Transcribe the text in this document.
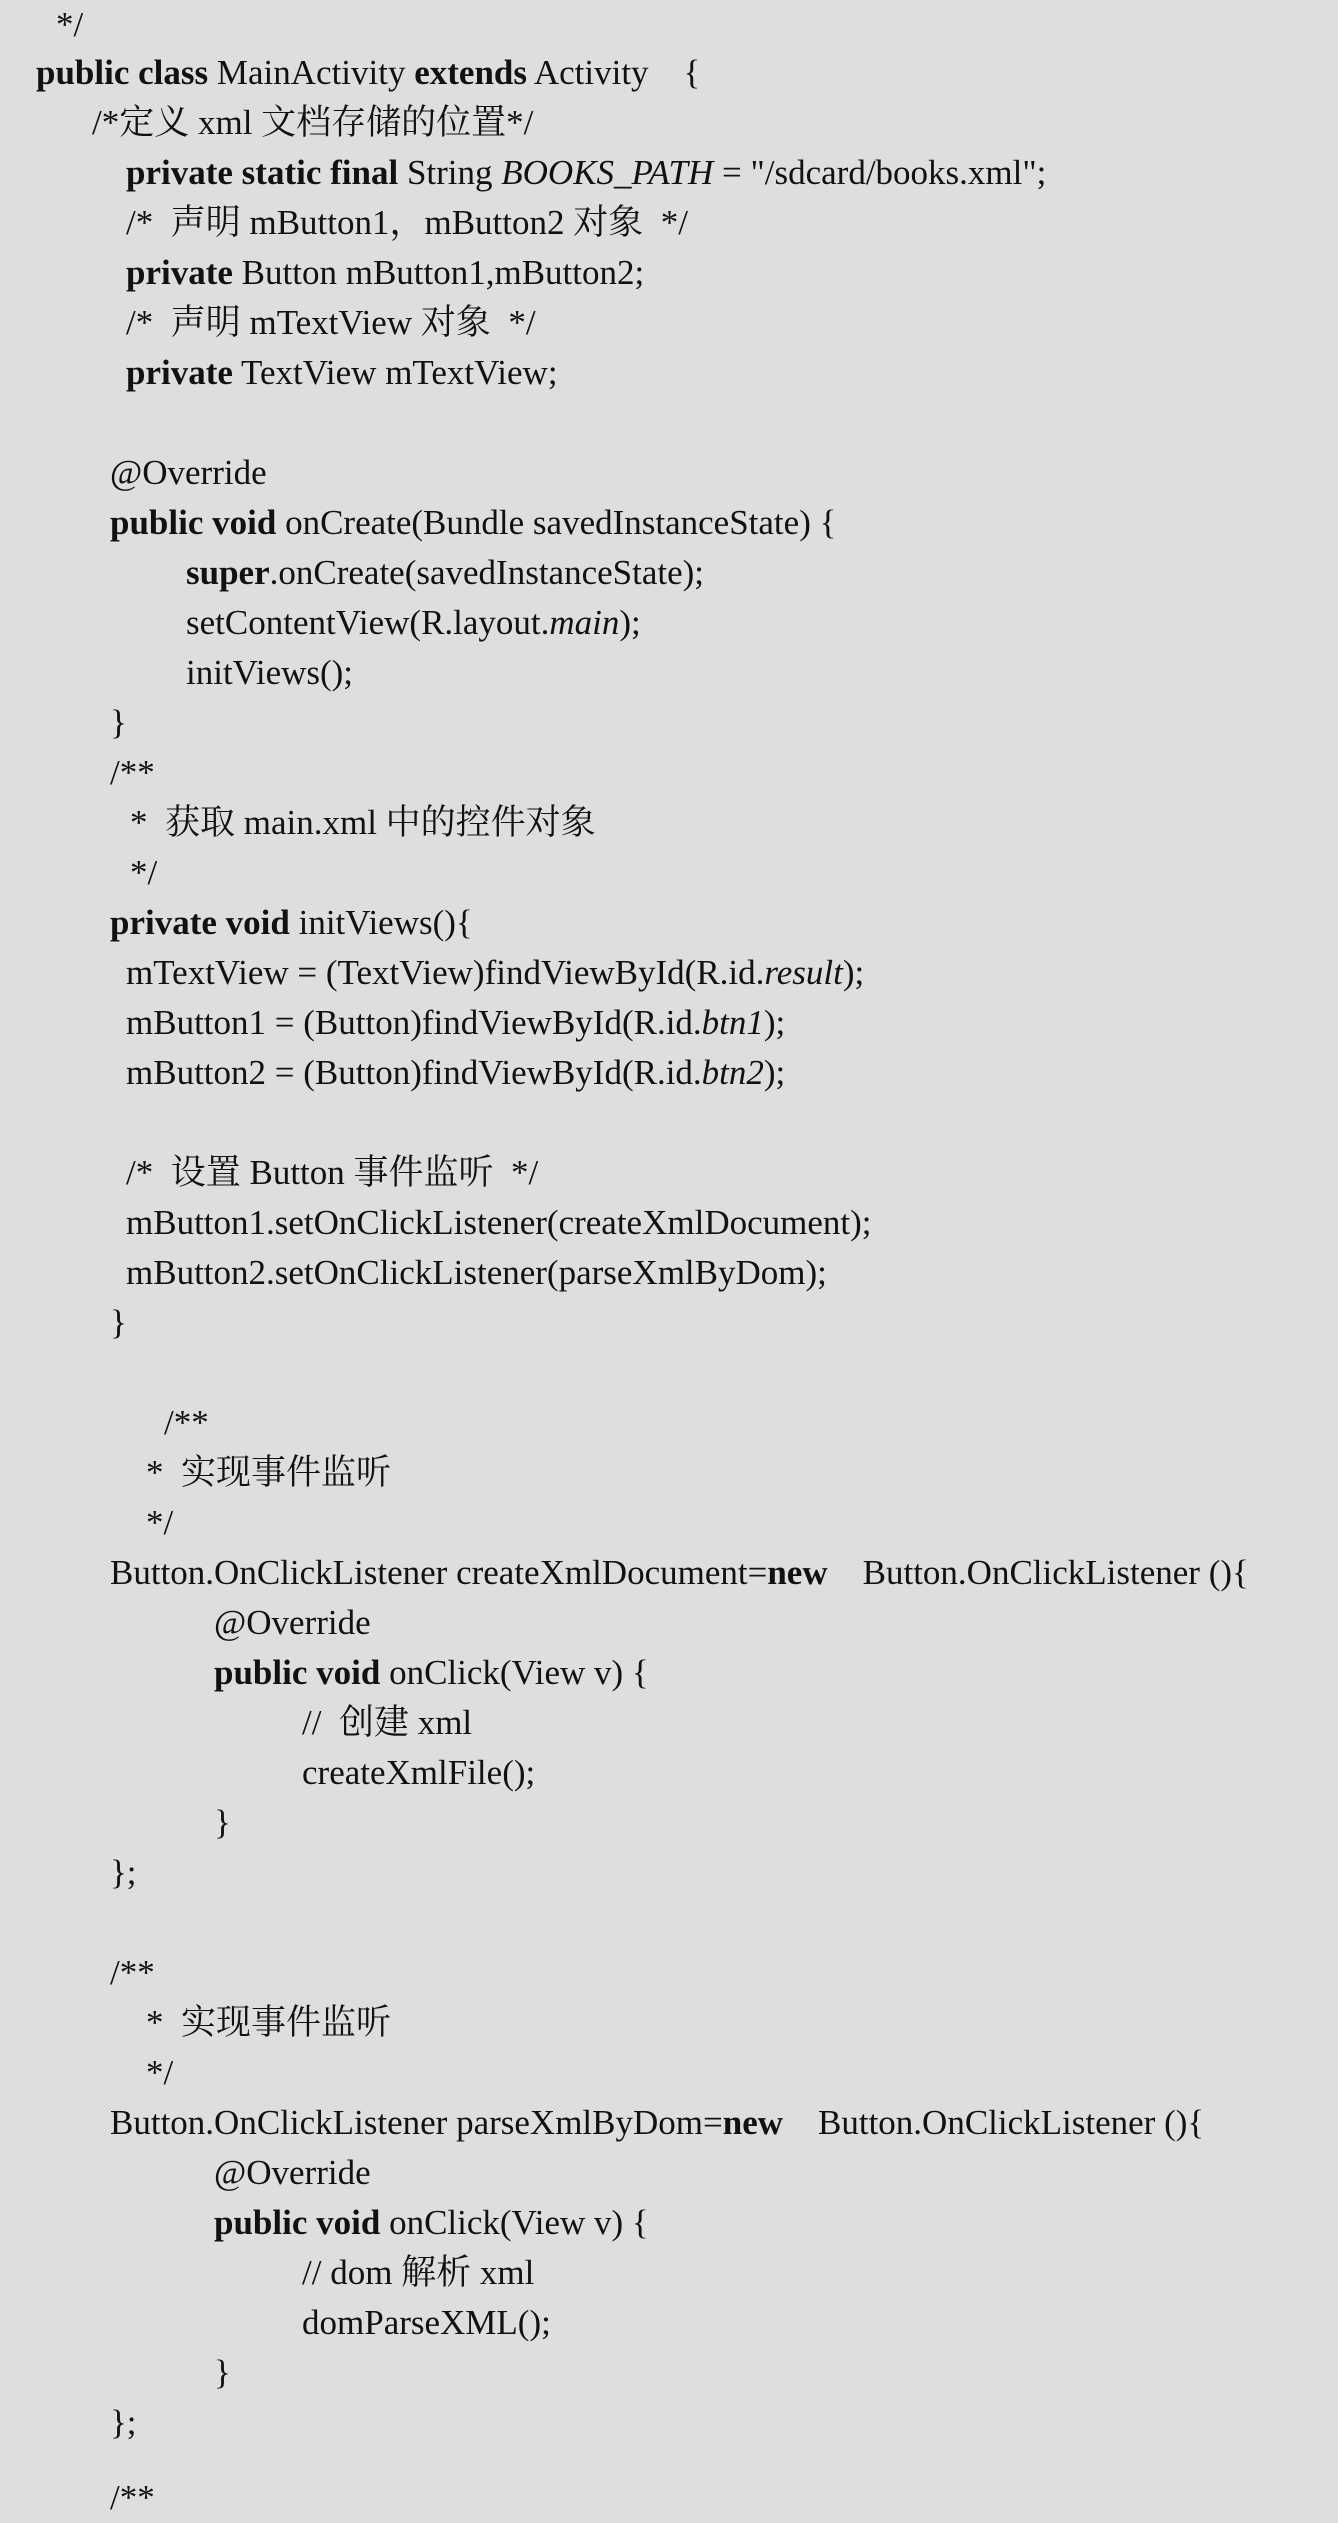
*/
public class MainActivity extends Activity    {
/*定义 xml 文档存储的位置*/
private static final String BOOKS_PATH = "/sdcard/books.xml";
/*  声明 mButton1，mButton2 对象  */
private Button mButton1,mButton2;
/*  声明 mTextView 对象  */
private TextView mTextView;
@Override
public void onCreate(Bundle savedInstanceState) {
super.onCreate(savedInstanceState);
setContentView(R.layout.main);
initViews();
}
/**
*  获取 main.xml 中的控件对象
*/
private void initViews(){
mTextView = (TextView)findViewById(R.id.result);
mButton1 = (Button)findViewById(R.id.btn1);
mButton2 = (Button)findViewById(R.id.btn2);
/*  设置 Button 事件监听  */
mButton1.setOnClickListener(createXmlDocument);
mButton2.setOnClickListener(parseXmlByDom);
}
/**
*  实现事件监听
*/
Button.OnClickListener createXmlDocument=new    Button.OnClickListener (){
@Override
public void onClick(View v) {
//  创建 xml
createXmlFile();
}
};
/**
*  实现事件监听
*/
Button.OnClickListener parseXmlByDom=new    Button.OnClickListener (){
@Override
public void onClick(View v) {
// dom 解析 xml
domParseXML();
}
};
/**
